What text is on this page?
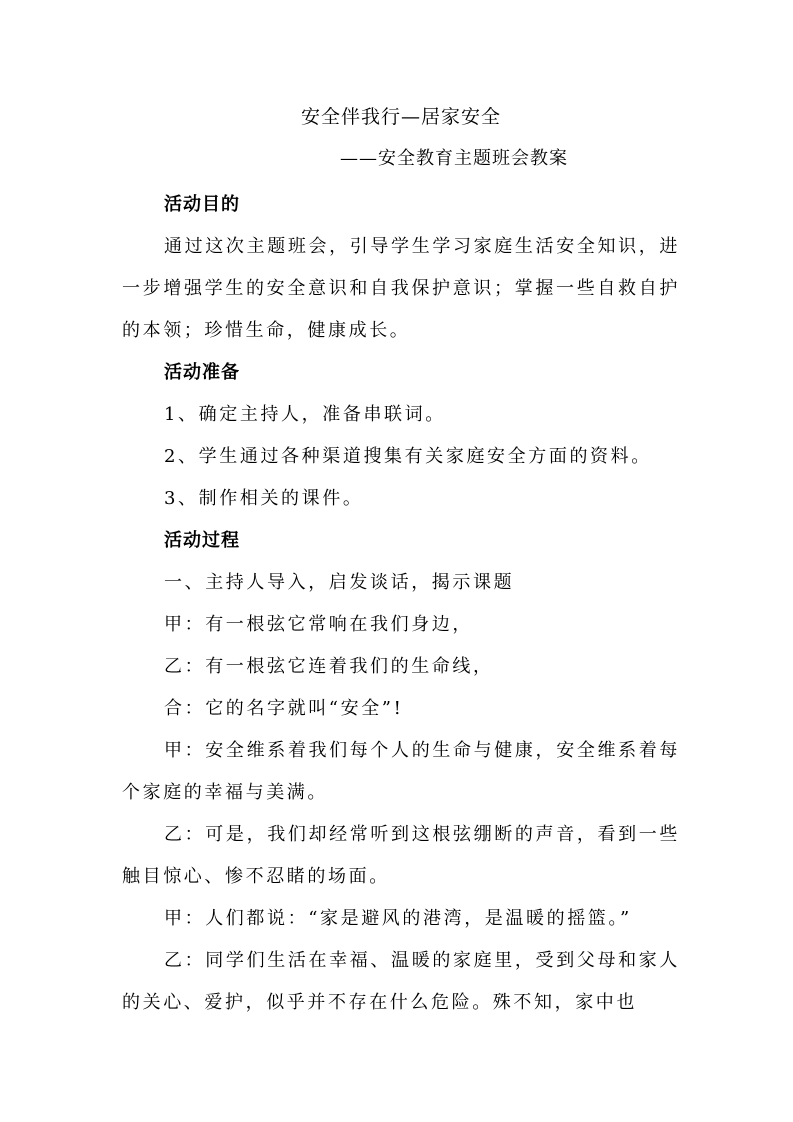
安全伴我行—居家安全
——安全教育主题班会教案
活动目的

通过这次主题班会，引导学生学习家庭生活安全知识，进一步增强学生的安全意识和自我保护意识；掌握一些自救自护的本领；珍惜生命，健康成长。

活动准备
1、确定主持人，准备串联词。
2、学生通过各种渠道搜集有关家庭安全方面的资料。
3、制作相关的课件。
活动过程
一、主持人导入，启发谈话，揭示课题
甲：有一根弦它常响在我们身边，
乙：有一根弦它连着我们的生命线，
合：它的名字就叫“安全”!

甲：安全维系着我们每个人的生命与健康，安全维系着每个家庭的幸福与美满。

乙：可是，我们却经常听到这根弦绷断的声音，看到一些触目惊心、惨不忍睹的场面。

甲：人们都说：“家是避风的港湾，是温暖的摇篮。”

乙：同学们生活在幸福、温暖的家庭里，受到父母和家人的关心、爱护，似乎并不存在什么危险。殊不知，家中也
